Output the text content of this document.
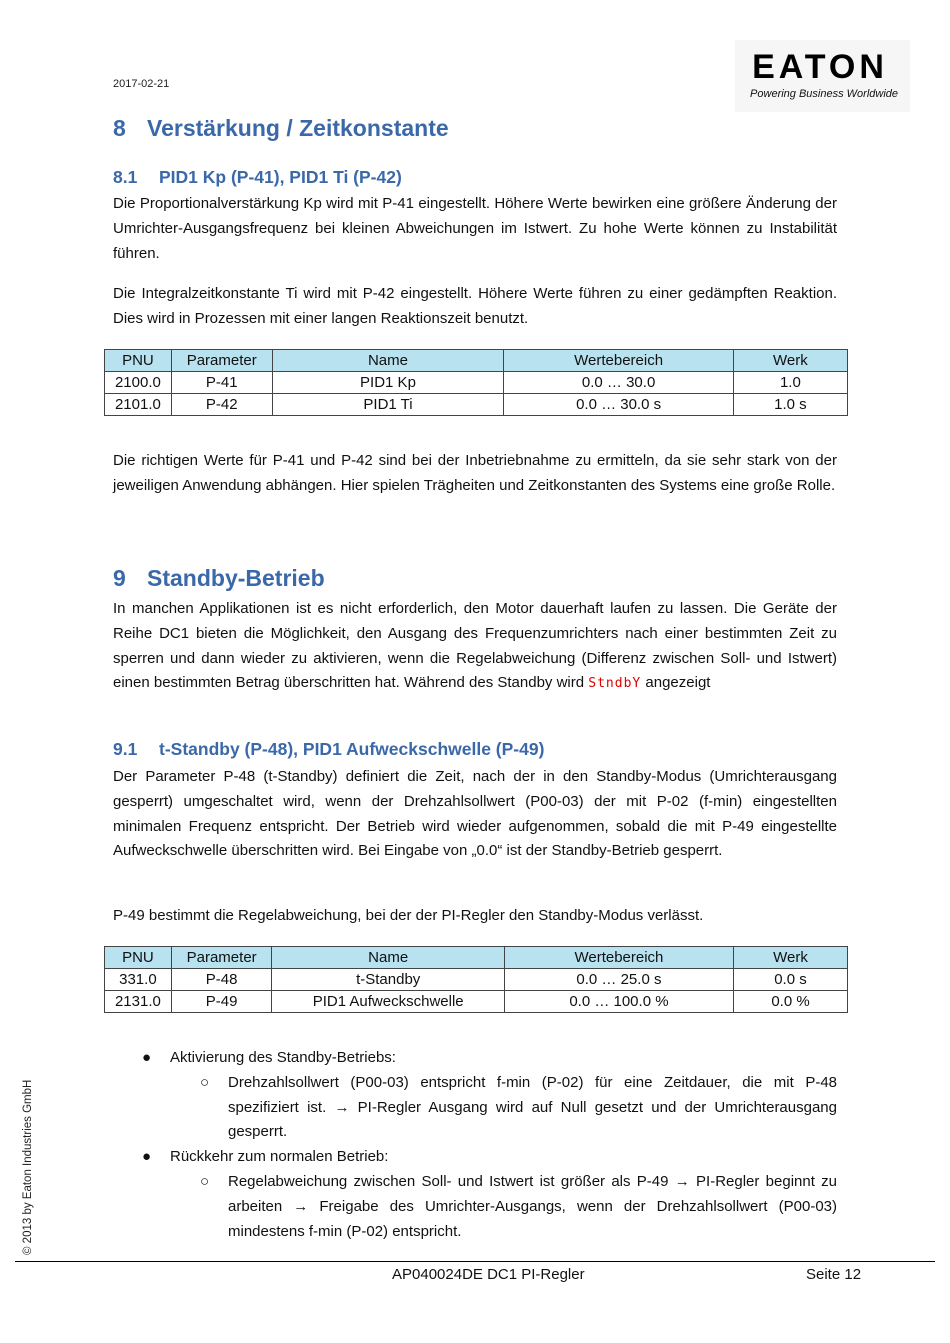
2017-02-21	EATON
Powering Business Worldwide
8 Verstärkung / Zeitkonstante
8.1 PID1 Kp (P-41), PID1 Ti (P-42)
Die Proportionalverstärkung Kp wird mit P-41 eingestellt. Höhere Werte bewirken eine größere Änderung der Umrichter-Ausgangsfrequenz bei kleinen Abweichungen im Istwert. Zu hohe Werte können zu Instabilität führen.
Die Integralzeitkonstante Ti wird mit P-42 eingestellt. Höhere Werte führen zu einer gedämpften Reaktion. Dies wird in Prozessen mit einer langen Reaktionszeit benutzt.
PNU	Parameter	Name	Wertebereich	Werk
2100.0	P-41	PID1 Kp	0.0 … 30.0	1.0
2101.0	P-42	PID1 Ti	0.0 … 30.0 s	1.0 s
Die richtigen Werte für P-41 und P-42 sind bei der Inbetriebnahme zu ermitteln, da sie sehr stark von der jeweiligen Anwendung abhängen. Hier spielen Trägheiten und Zeitkonstanten des Systems eine große Rolle.
9 Standby-Betrieb
In manchen Applikationen ist es nicht erforderlich, den Motor dauerhaft laufen zu lassen. Die Geräte der Reihe DC1 bieten die Möglichkeit, den Ausgang des Frequenzumrichters nach einer bestimmten Zeit zu sperren und dann wieder zu aktivieren, wenn die Regelabweichung (Differenz zwischen Soll- und Istwert) einen bestimmten Betrag überschritten hat. Während des Standby wird StndbY angezeigt
9.1 t-Standby (P-48), PID1 Aufweckschwelle (P-49)
Der Parameter P-48 (t-Standby) definiert die Zeit, nach der in den Standby-Modus (Umrichterausgang gesperrt) umgeschaltet wird, wenn der Drehzahlsollwert (P00-03) der mit P-02 (f-min) eingestellten minimalen Frequenz entspricht. Der Betrieb wird wieder aufgenommen, sobald die mit P-49 eingestellte Aufweckschwelle überschritten wird. Bei Eingabe von „0.0“ ist der Standby-Betrieb gesperrt.
P-49 bestimmt die Regelabweichung, bei der der PI-Regler den Standby-Modus verlässt.
PNU	Parameter	Name	Wertebereich	Werk
331.0	P-48	t-Standby	0.0 … 25.0 s	0.0 s
2131.0	P-49	PID1 Aufweckschwelle	0.0 … 100.0 %	0.0 %
● Aktivierung des Standby-Betriebs:
○ Drehzahlsollwert (P00-03) entspricht f-min (P-02) für eine Zeitdauer, die mit P-48 spezifiziert ist. → PI-Regler Ausgang wird auf Null gesetzt und der Umrichterausgang gesperrt.
● Rückkehr zum normalen Betrieb:
○ Regelabweichung zwischen Soll- und Istwert ist größer als P-49 → PI-Regler beginnt zu arbeiten → Freigabe des Umrichter-Ausgangs, wenn der Drehzahlsollwert (P00-03) mindestens f-min (P-02) entspricht.
© 2013 by Eaton Industries GmbH
AP040024DE DC1 PI-Regler	Seite 12
